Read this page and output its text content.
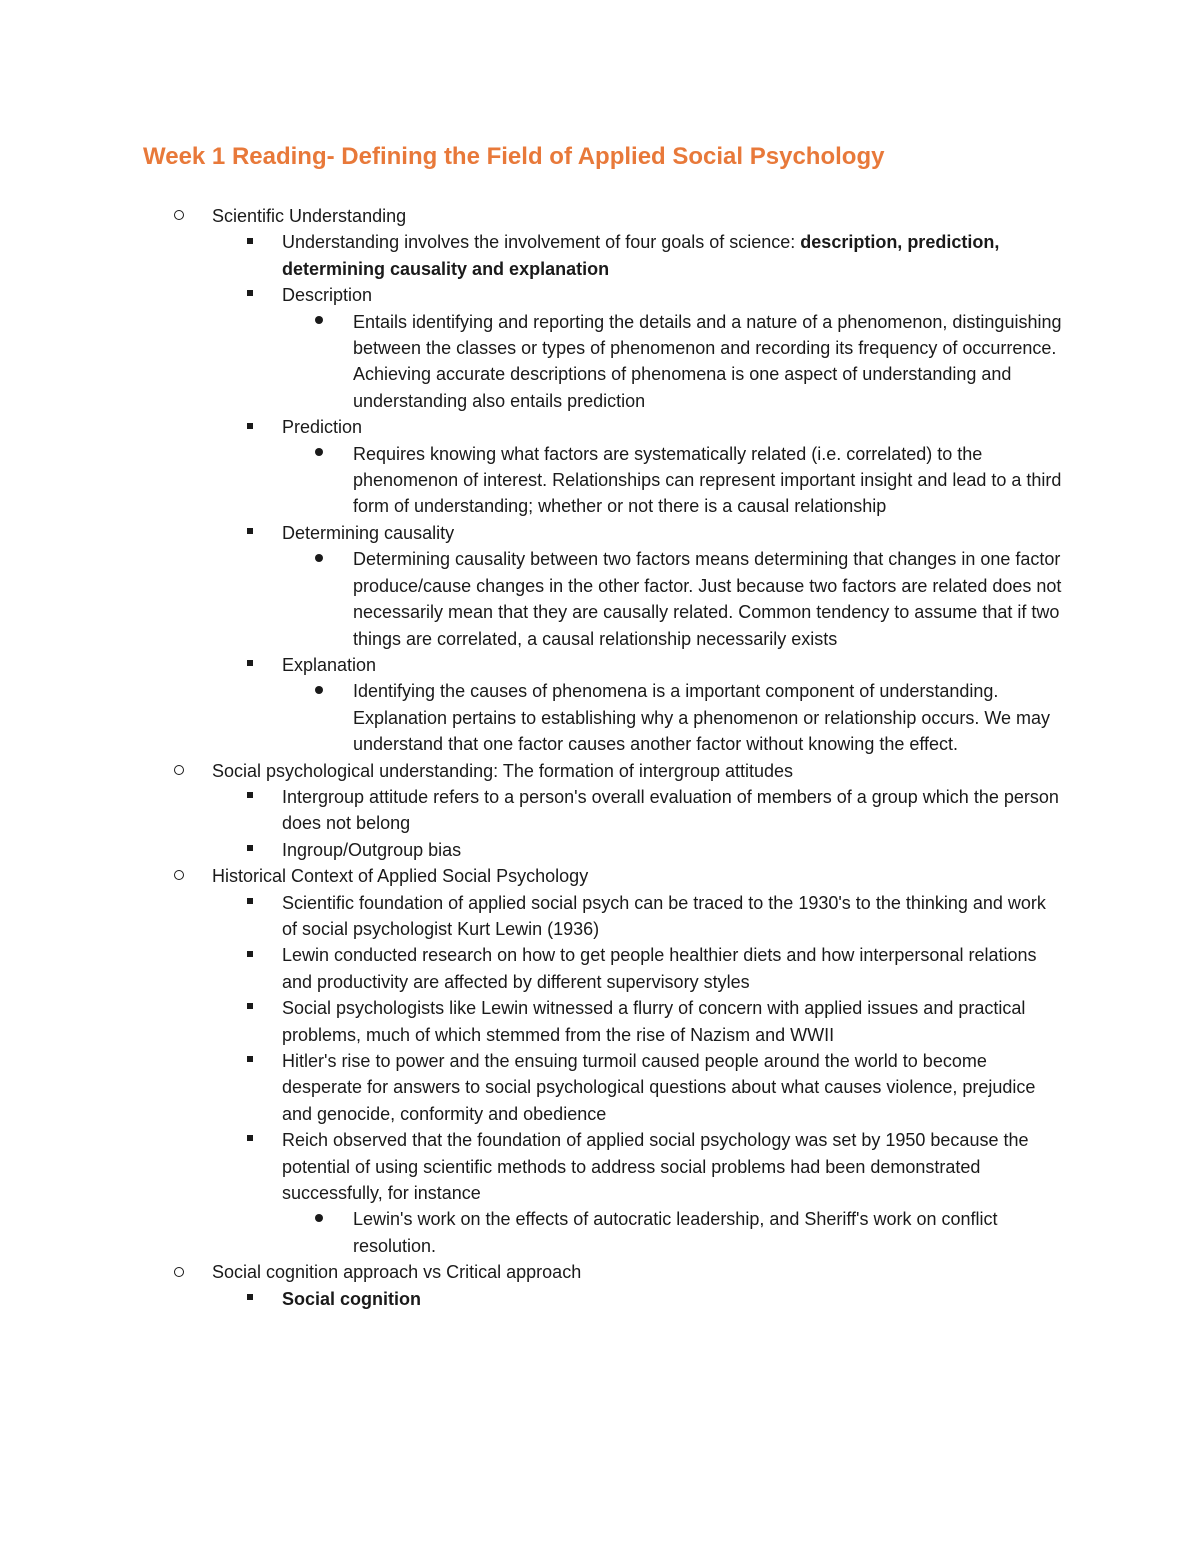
Week 1 Reading- Defining the Field of Applied Social Psychology
Scientific Understanding
Understanding involves the involvement of four goals of science: description, prediction, determining causality and explanation
Description
Entails identifying and reporting the details and a nature of a phenomenon, distinguishing between the classes or types of phenomenon and recording its frequency of occurrence. Achieving accurate descriptions of phenomena is one aspect of understanding and understanding also entails prediction
Prediction
Requires knowing what factors are systematically related (i.e. correlated) to the phenomenon of interest. Relationships can represent important insight and lead to a third form of understanding; whether or not there is a causal relationship
Determining causality
Determining causality between two factors means determining that changes in one factor produce/cause changes in the other factor. Just because two factors are related does not necessarily mean that they are causally related. Common tendency to assume that if two things are correlated, a causal relationship necessarily exists
Explanation
Identifying the causes of phenomena is a important component of understanding. Explanation pertains to establishing why a phenomenon or relationship occurs. We may understand that one factor causes another factor without knowing the effect.
Social psychological understanding: The formation of intergroup attitudes
Intergroup attitude refers to a person's overall evaluation of members of a group which the person does not belong
Ingroup/Outgroup bias
Historical Context of Applied Social Psychology
Scientific foundation of applied social psych can be traced to the 1930's to the thinking and work of social psychologist Kurt Lewin (1936)
Lewin conducted research on how to get people healthier diets and how interpersonal relations and productivity are affected by different supervisory styles
Social psychologists like Lewin witnessed a flurry of concern with applied issues and practical problems, much of which stemmed from the rise of Nazism and WWII
Hitler's rise to power and the ensuing turmoil caused people around the world to become desperate for answers to social psychological questions about what causes violence, prejudice and genocide, conformity and obedience
Reich observed that the foundation of applied social psychology was set by 1950 because the potential of using scientific methods to address social problems had been demonstrated successfully, for instance
Lewin's work on the effects of autocratic leadership, and Sheriff's work on conflict resolution.
Social cognition approach vs Critical approach
Social cognition
